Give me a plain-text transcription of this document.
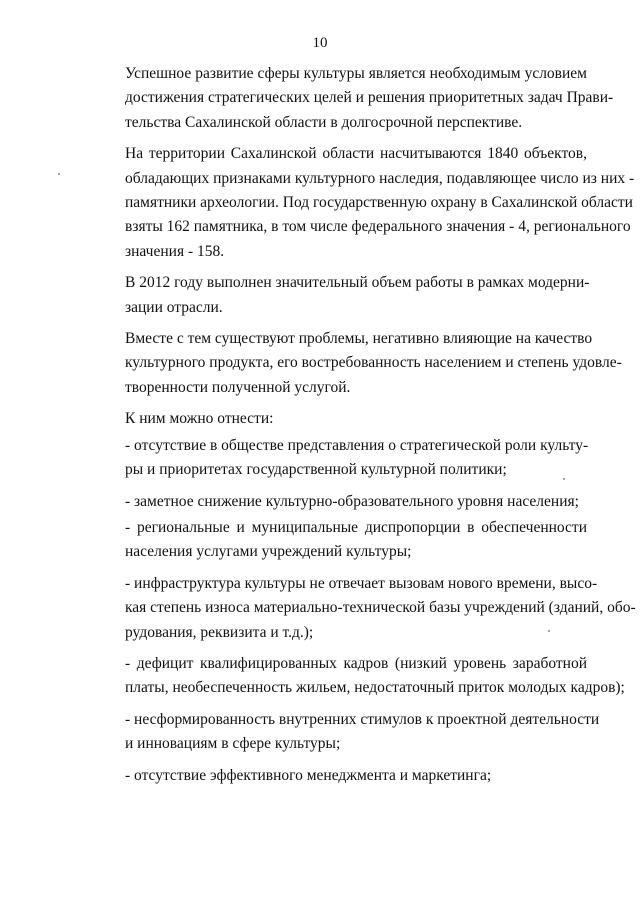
10

Успешное развитие сферы культуры является необходимым условием
достижения стратегических целей и решения приоритетных задач Прави-
тельства Сахалинской области в долгосрочной перспективе.

На территории Сахалинской области насчитываются 1840 объектов,
обладающих признаками культурного наследия, подавляющее число из них -
памятники археологии. Под государственную охрану в Сахалинской области
взяты 162 памятника, в том числе федерального значения - 4, регионального
значения - 158.

В 2012 году выполнен значительный объем работы в рамках модерни-
зации отрасли.

Вместе с тем существуют проблемы, негативно влияющие на качество
культурного продукта, его востребованность населением и степень удовле-
творенности полученной услугой.

К ним можно отнести:

- отсутствие в обществе представления о стратегической роли культу-
ры и приоритетах государственной культурной политики;

- заметное снижение культурно-образовательного уровня населения;

- региональные и муниципальные диспропорции в обеспеченности
населения услугами учреждений культуры;

- инфраструктура культуры не отвечает вызовам нового времени, высо-
кая степень износа материально-технической базы учреждений (зданий, обо-
рудования, реквизита и т.д.);

- дефицит квалифицированных кадров (низкий уровень заработной
платы, необеспеченность жильем, недостаточный приток молодых кадров);

- несформированность внутренних стимулов к проектной деятельности
и инновациям в сфере культуры;

- отсутствие эффективного менеджмента и маркетинга;
